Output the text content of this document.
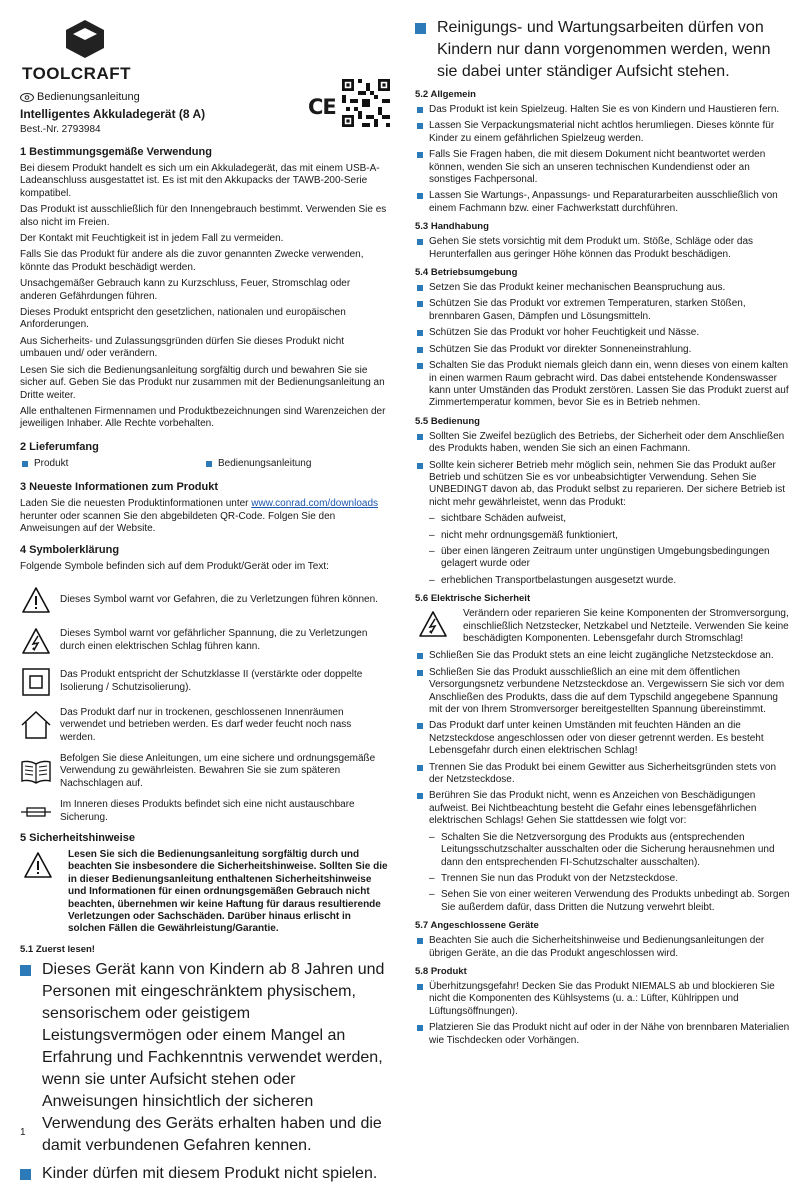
TOOLCRAFT
Bedienungsanleitung
Intelligentes Akkuladegerät (8 A)
Best.-Nr. 2793984
CE
1 Bestimmungsgemäße Verwendung

Bei diesem Produkt handelt es sich um ein Akkuladegerät, das mit einem USB-A-Ladeanschluss ausgestattet ist. Es ist mit den Akkupacks der TAWB-200-Serie kompatibel.

Das Produkt ist ausschließlich für den Innengebrauch bestimmt. Verwenden Sie es also nicht im Freien.

Der Kontakt mit Feuchtigkeit ist in jedem Fall zu vermeiden.

Falls Sie das Produkt für andere als die zuvor genannten Zwecke verwenden, könnte das Produkt beschädigt werden.

Unsachgemäßer Gebrauch kann zu Kurzschluss, Feuer, Stromschlag oder anderen Gefährdungen führen.

Dieses Produkt entspricht den gesetzlichen, nationalen und europäischen Anforderungen.

Aus Sicherheits- und Zulassungsgründen dürfen Sie dieses Produkt nicht umbauen und/ oder verändern.

Lesen Sie sich die Bedienungsanleitung sorgfältig durch und bewahren Sie sie sicher auf. Geben Sie das Produkt nur zusammen mit der Bedienungsanleitung an Dritte weiter.

Alle enthaltenen Firmennamen und Produktbezeichnungen sind Warenzeichen der jeweiligen Inhaber. Alle Rechte vorbehalten.

2 Lieferumfang
Produkt	Bedienungsanleitung
3 Neueste Informationen zum Produkt

Laden Sie die neuesten Produktinformationen unter www.conrad.com/downloads herunter oder scannen Sie den abgebildeten QR-Code. Folgen Sie den Anweisungen auf der Website.

4 Symbolerklärung

Folgende Symbole befinden sich auf dem Produkt/Gerät oder im Text:

Dieses Symbol warnt vor Gefahren, die zu Verletzungen führen können.

Dieses Symbol warnt vor gefährlicher Spannung, die zu Verletzungen durch einen elektrischen Schlag führen kann.

Das Produkt entspricht der Schutzklasse II (verstärkte oder doppelte Isolierung / Schutzisolierung).

Das Produkt darf nur in trockenen, geschlossenen Innenräumen verwendet und betrieben werden. Es darf weder feucht noch nass werden.

Befolgen Sie diese Anleitungen, um eine sichere und ordnungsgemäße Verwendung zu gewährleisten. Bewahren Sie sie zum späteren Nachschlagen auf.

Im Inneren dieses Produkts befindet sich eine nicht austauschbare Sicherung.

5 Sicherheitshinweise

Lesen Sie sich die Bedienungsanleitung sorgfältig durch und beachten Sie insbesondere die Sicherheitshinweise. Sollten Sie die in dieser Bedienungsanleitung enthaltenen Sicherheitshinweise und Informationen für einen ordnungsgemäßen Gebrauch nicht beachten, übernehmen wir keine Haftung für daraus resultierende Verletzungen oder Sachschäden. Darüber hinaus erlischt in solchen Fällen die Gewährleistung/Garantie.

5.1 Zuerst lesen!
Dieses Gerät kann von Kindern ab 8 Jahren und Personen mit eingeschränktem physischem, sensorischem oder geistigem Leistungsvermögen oder einem Mangel an Erfahrung und Fachkenntnis verwendet werden, wenn sie unter Aufsicht stehen oder Anweisungen hinsichtlich der sicheren Verwendung des Geräts erhalten haben und die damit verbundenen Gefahren kennen.
Kinder dürfen mit diesem Produkt nicht spielen.
Reinigungs- und Wartungsarbeiten dürfen von Kindern nur dann vorgenommen werden, wenn sie dabei unter ständiger Aufsicht stehen.
5.2 Allgemein
Das Produkt ist kein Spielzeug. Halten Sie es von Kindern und Haustieren fern.
Lassen Sie Verpackungsmaterial nicht achtlos herumliegen. Dieses könnte für Kinder zu einem gefährlichen Spielzeug werden.
Falls Sie Fragen haben, die mit diesem Dokument nicht beantwortet werden können, wenden Sie sich an unseren technischen Kundendienst oder an sonstiges Fachpersonal.
Lassen Sie Wartungs-, Anpassungs- und Reparaturarbeiten ausschließlich von einem Fachmann bzw. einer Fachwerkstatt durchführen.
5.3 Handhabung
Gehen Sie stets vorsichtig mit dem Produkt um. Stöße, Schläge oder das Herunterfallen aus geringer Höhe können das Produkt beschädigen.
5.4 Betriebsumgebung
Setzen Sie das Produkt keiner mechanischen Beanspruchung aus.
Schützen Sie das Produkt vor extremen Temperaturen, starken Stößen, brennbaren Gasen, Dämpfen und Lösungsmitteln.
Schützen Sie das Produkt vor hoher Feuchtigkeit und Nässe.
Schützen Sie das Produkt vor direkter Sonneneinstrahlung.
Schalten Sie das Produkt niemals gleich dann ein, wenn dieses von einem kalten in einen warmen Raum gebracht wird. Das dabei entstehende Kondenswasser kann unter Umständen das Produkt zerstören. Lassen Sie das Produkt zuerst auf Zimmertemperatur kommen, bevor Sie es in Betrieb nehmen.
5.5 Bedienung
Sollten Sie Zweifel bezüglich des Betriebs, der Sicherheit oder dem Anschließen des Produkts haben, wenden Sie sich an einen Fachmann.
Sollte kein sicherer Betrieb mehr möglich sein, nehmen Sie das Produkt außer Betrieb und schützen Sie es vor unbeabsichtigter Verwendung. Sehen Sie UNBEDINGT davon ab, das Produkt selbst zu reparieren. Der sichere Betrieb ist nicht mehr gewährleistet, wenn das Produkt:
– sichtbare Schäden aufweist,
– nicht mehr ordnungsgemäß funktioniert,
– über einen längeren Zeitraum unter ungünstigen Umgebungsbedingungen gelagert wurde oder
– erheblichen Transportbelastungen ausgesetzt wurde.
5.6 Elektrische Sicherheit

Verändern oder reparieren Sie keine Komponenten der Stromversorgung, einschließlich Netzstecker, Netzkabel und Netzteile. Verwenden Sie keine beschädigten Komponenten. Lebensgefahr durch Stromschlag!

Schließen Sie das Produkt stets an eine leicht zugängliche Netzsteckdose an.
Schließen Sie das Produkt ausschließlich an eine mit dem öffentlichen Versorgungsnetz verbundene Netzsteckdose an. Vergewissern Sie sich vor dem Anschließen des Produkts, dass die auf dem Typschild angegebene Spannung mit der von Ihrem Stromversorger bereitgestellten Spannung übereinstimmt.
Das Produkt darf unter keinen Umständen mit feuchten Händen an die Netzsteckdose angeschlossen oder von dieser getrennt werden. Es besteht Lebensgefahr durch einen elektrischen Schlag!
Trennen Sie das Produkt bei einem Gewitter aus Sicherheitsgründen stets von der Netzsteckdose.
Berühren Sie das Produkt nicht, wenn es Anzeichen von Beschädigungen aufweist. Bei Nichtbeachtung besteht die Gefahr eines lebensgefährlichen elektrischen Schlags! Gehen Sie stattdessen wie folgt vor:
– Schalten Sie die Netzversorgung des Produkts aus (entsprechenden Leitungsschutzschalter ausschalten oder die Sicherung herausnehmen und dann den entsprechenden FI-Schutzschalter ausschalten).
– Trennen Sie nun das Produkt von der Netzsteckdose.
– Sehen Sie von einer weiteren Verwendung des Produkts unbedingt ab. Sorgen Sie außerdem dafür, dass Dritten die Nutzung verwehrt bleibt.
5.7 Angeschlossene Geräte
Beachten Sie auch die Sicherheitshinweise und Bedienungsanleitungen der übrigen Geräte, an die das Produkt angeschlossen wird.
5.8 Produkt
Überhitzungsgefahr! Decken Sie das Produkt NIEMALS ab und blockieren Sie nicht die Komponenten des Kühlsystems (u. a.: Lüfter, Kühlrippen und Lüftungsöffnungen).
Platzieren Sie das Produkt nicht auf oder in der Nähe von brennbaren Materialien wie Tischdecken oder Vorhängen.
1
